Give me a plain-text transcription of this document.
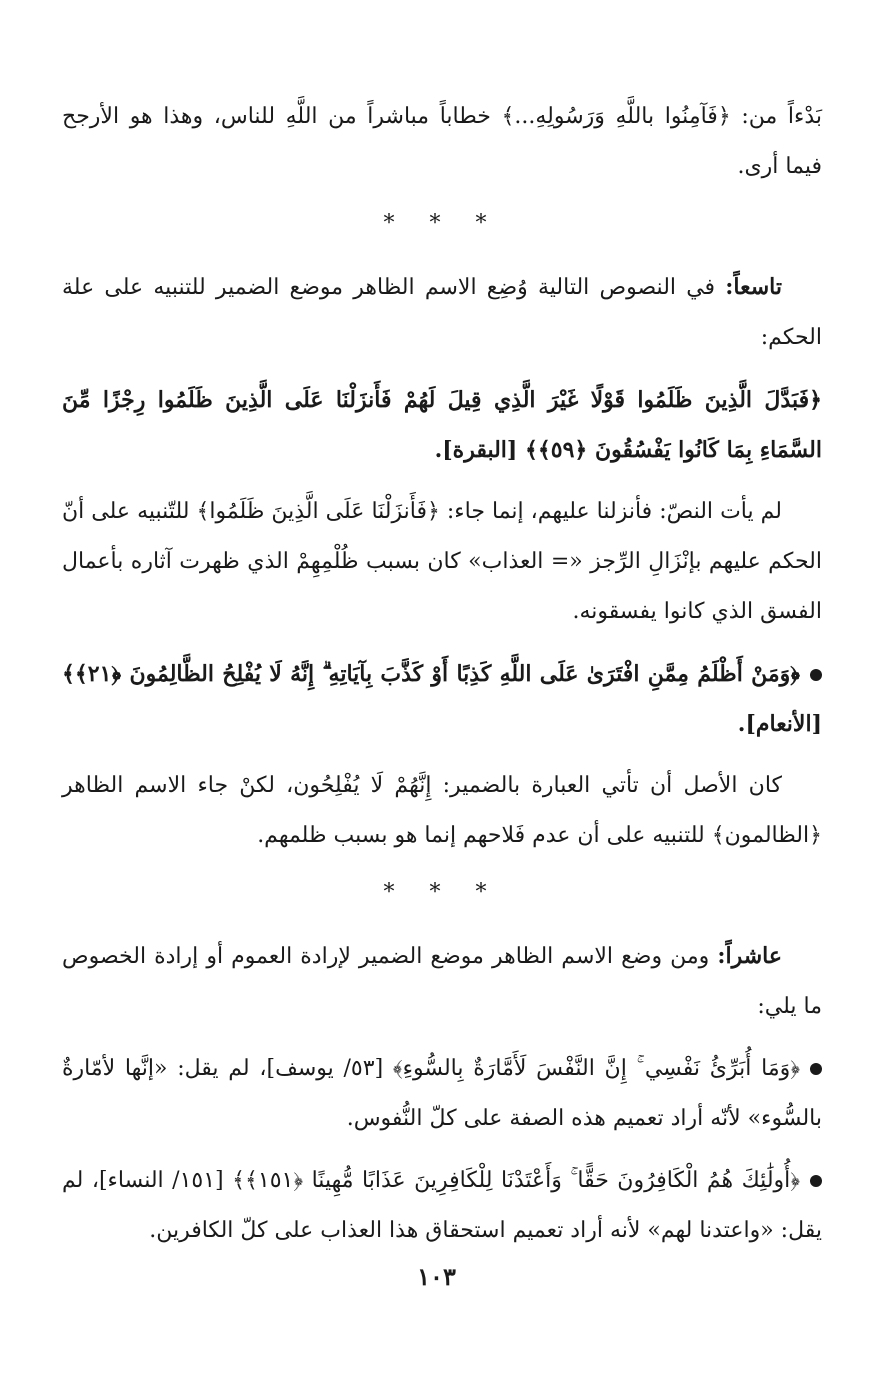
بَدْءاً من: ﴿فَآمِنُوا باللَّهِ وَرَسُولِهِ...﴾ خطاباً مباشراً من اللَّهِ للناس، وهذا هو الأرجح فيما أرى.

* * *

تاسعاً: في النصوص التالية وُضِع الاسم الظاهر موضع الضمير للتنبيه على علة الحكم:

﴿فَبَدَّلَ الَّذِينَ ظَلَمُوا قَوْلًا غَيْرَ الَّذِي قِيلَ لَهُمْ فَأَنزَلْنَا عَلَى الَّذِينَ ظَلَمُوا رِجْزًا مِّنَ السَّمَاءِ بِمَا كَانُوا يَفْسُقُونَ ﴿٥٩﴾﴾ [البقرة].

لم يأت النصّ: فأنزلنا عليهم، إنما جاء: ﴿فَأَنزَلْنَا عَلَى الَّذِينَ ظَلَمُوا﴾ للتّنبيه على أنّ الحكم عليهم بإنْزَالِ الرِّجز «= العذاب» كان بسبب ظُلْمِهِمْ الذي ظهرت آثاره بأعمال الفسق الذي كانوا يفسقونه.

﴿وَمَنْ أَظْلَمُ مِمَّنِ افْتَرَىٰ عَلَى اللَّهِ كَذِبًا أَوْ كَذَّبَ بِآيَاتِهِ ۗ إِنَّهُ لَا يُفْلِحُ الظَّالِمُونَ ﴿٢١﴾﴾ [الأنعام].

كان الأصل أن تأتي العبارة بالضمير: إِنَّهُمْ لَا يُفْلِحُون، لكنْ جاء الاسم الظاهر ﴿الظالمون﴾ للتنبيه على أن عدم فَلاحهم إنما هو بسبب ظلمهم.

* * *

عاشراً: ومن وضع الاسم الظاهر موضع الضمير لإرادة العموم أو إرادة الخصوص ما يلي:

﴿وَمَا أُبَرِّئُ نَفْسِي ۚ إِنَّ النَّفْسَ لَأَمَّارَةٌ بِالسُّوءِ﴾ [٥٣/ يوسف]، لم يقل: «إنَّها لأمّارةٌ بالسُّوء» لأنّه أراد تعميم هذه الصفة على كلّ النُّفوس.

﴿أُولَٰئِكَ هُمُ الْكَافِرُونَ حَقًّا ۚ وَأَعْتَدْنَا لِلْكَافِرِينَ عَذَابًا مُّهِينًا ﴿١٥١﴾﴾ [١٥١/ النساء]، لم يقل: «واعتدنا لهم» لأنه أراد تعميم استحقاق هذا العذاب على كلّ الكافرين.

١٠٣
